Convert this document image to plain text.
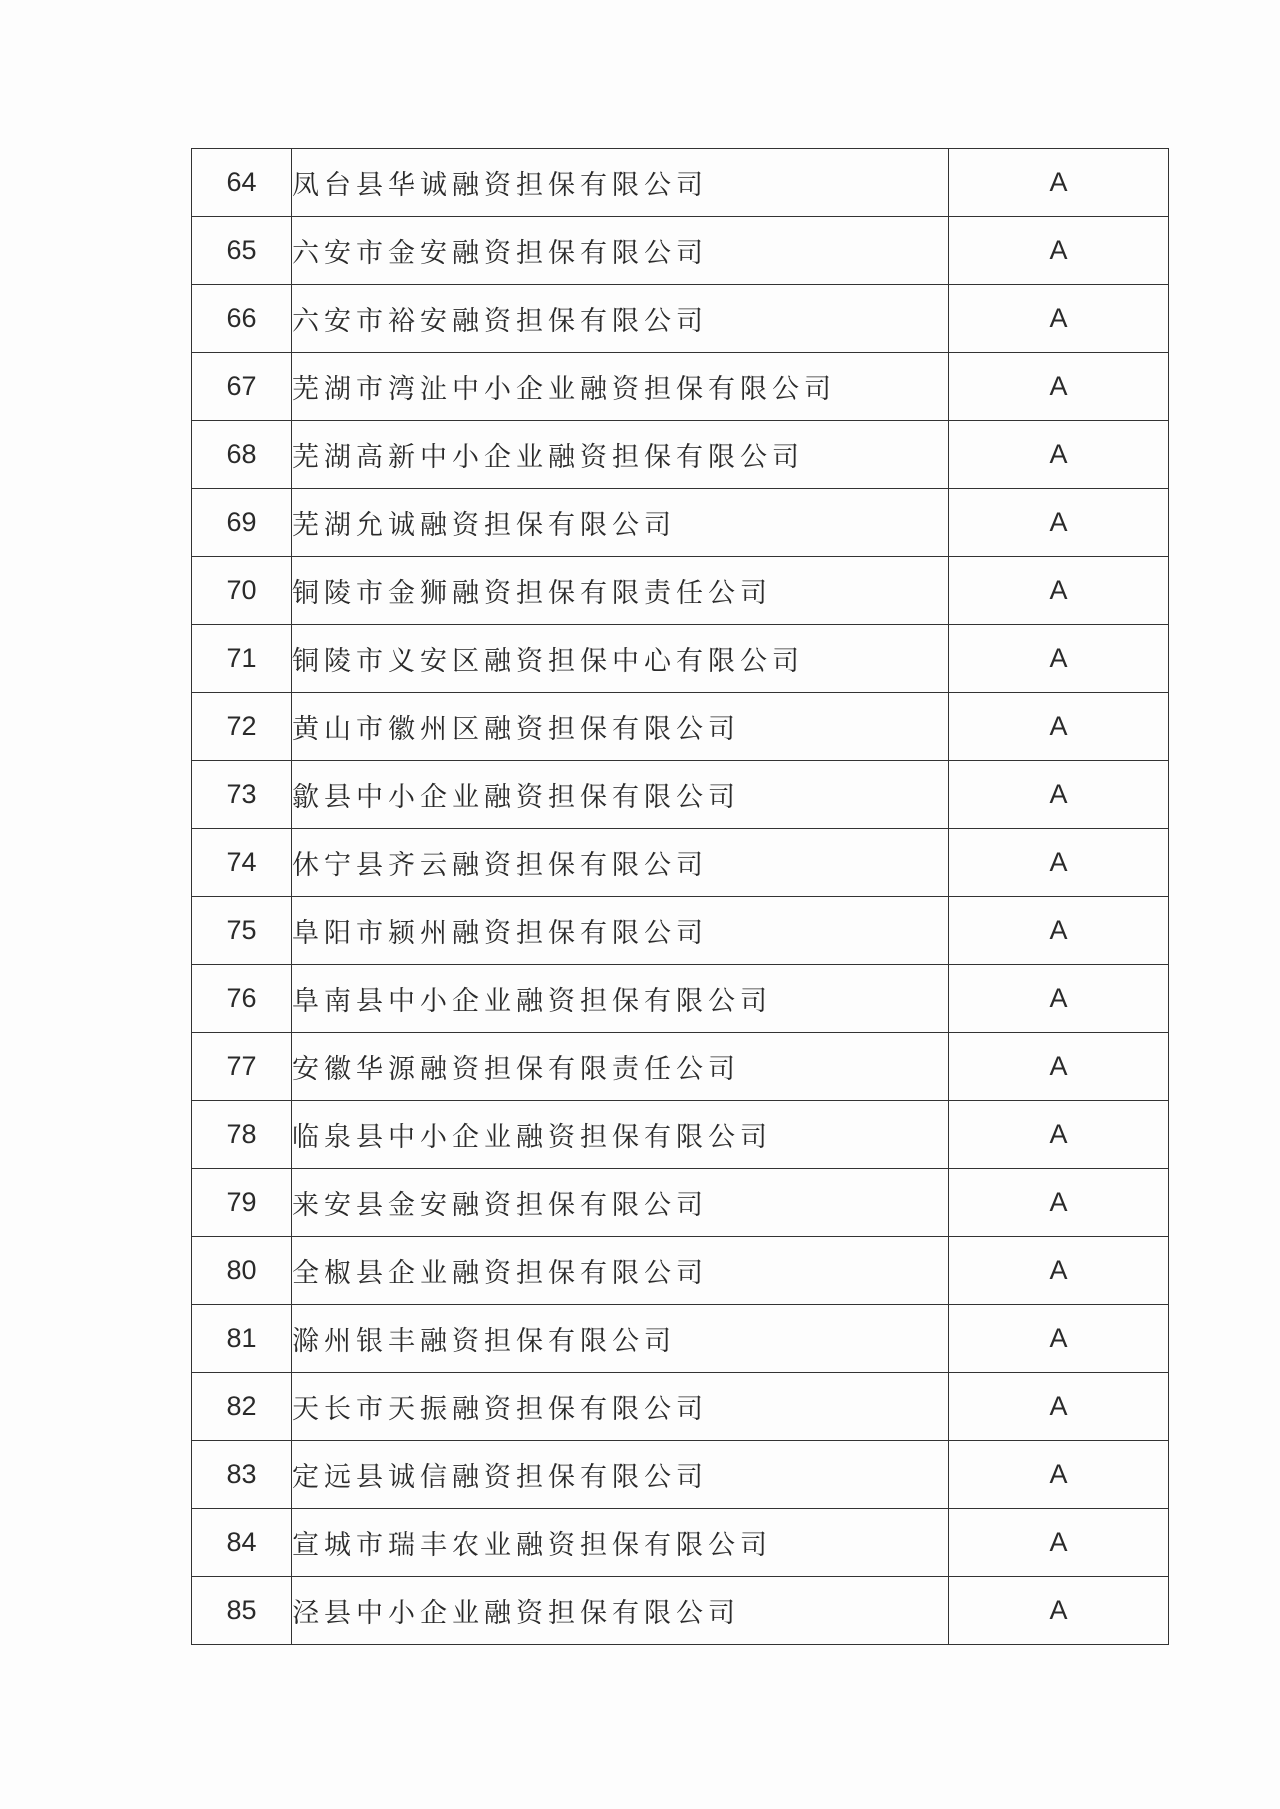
64	凤台县华诚融资担保有限公司	A
65	六安市金安融资担保有限公司	A
66	六安市裕安融资担保有限公司	A
67	芜湖市湾沚中小企业融资担保有限公司	A
68	芜湖高新中小企业融资担保有限公司	A
69	芜湖允诚融资担保有限公司	A
70	铜陵市金狮融资担保有限责任公司	A
71	铜陵市义安区融资担保中心有限公司	A
72	黄山市徽州区融资担保有限公司	A
73	歙县中小企业融资担保有限公司	A
74	休宁县齐云融资担保有限公司	A
75	阜阳市颍州融资担保有限公司	A
76	阜南县中小企业融资担保有限公司	A
77	安徽华源融资担保有限责任公司	A
78	临泉县中小企业融资担保有限公司	A
79	来安县金安融资担保有限公司	A
80	全椒县企业融资担保有限公司	A
81	滁州银丰融资担保有限公司	A
82	天长市天振融资担保有限公司	A
83	定远县诚信融资担保有限公司	A
84	宣城市瑞丰农业融资担保有限公司	A
85	泾县中小企业融资担保有限公司	A
